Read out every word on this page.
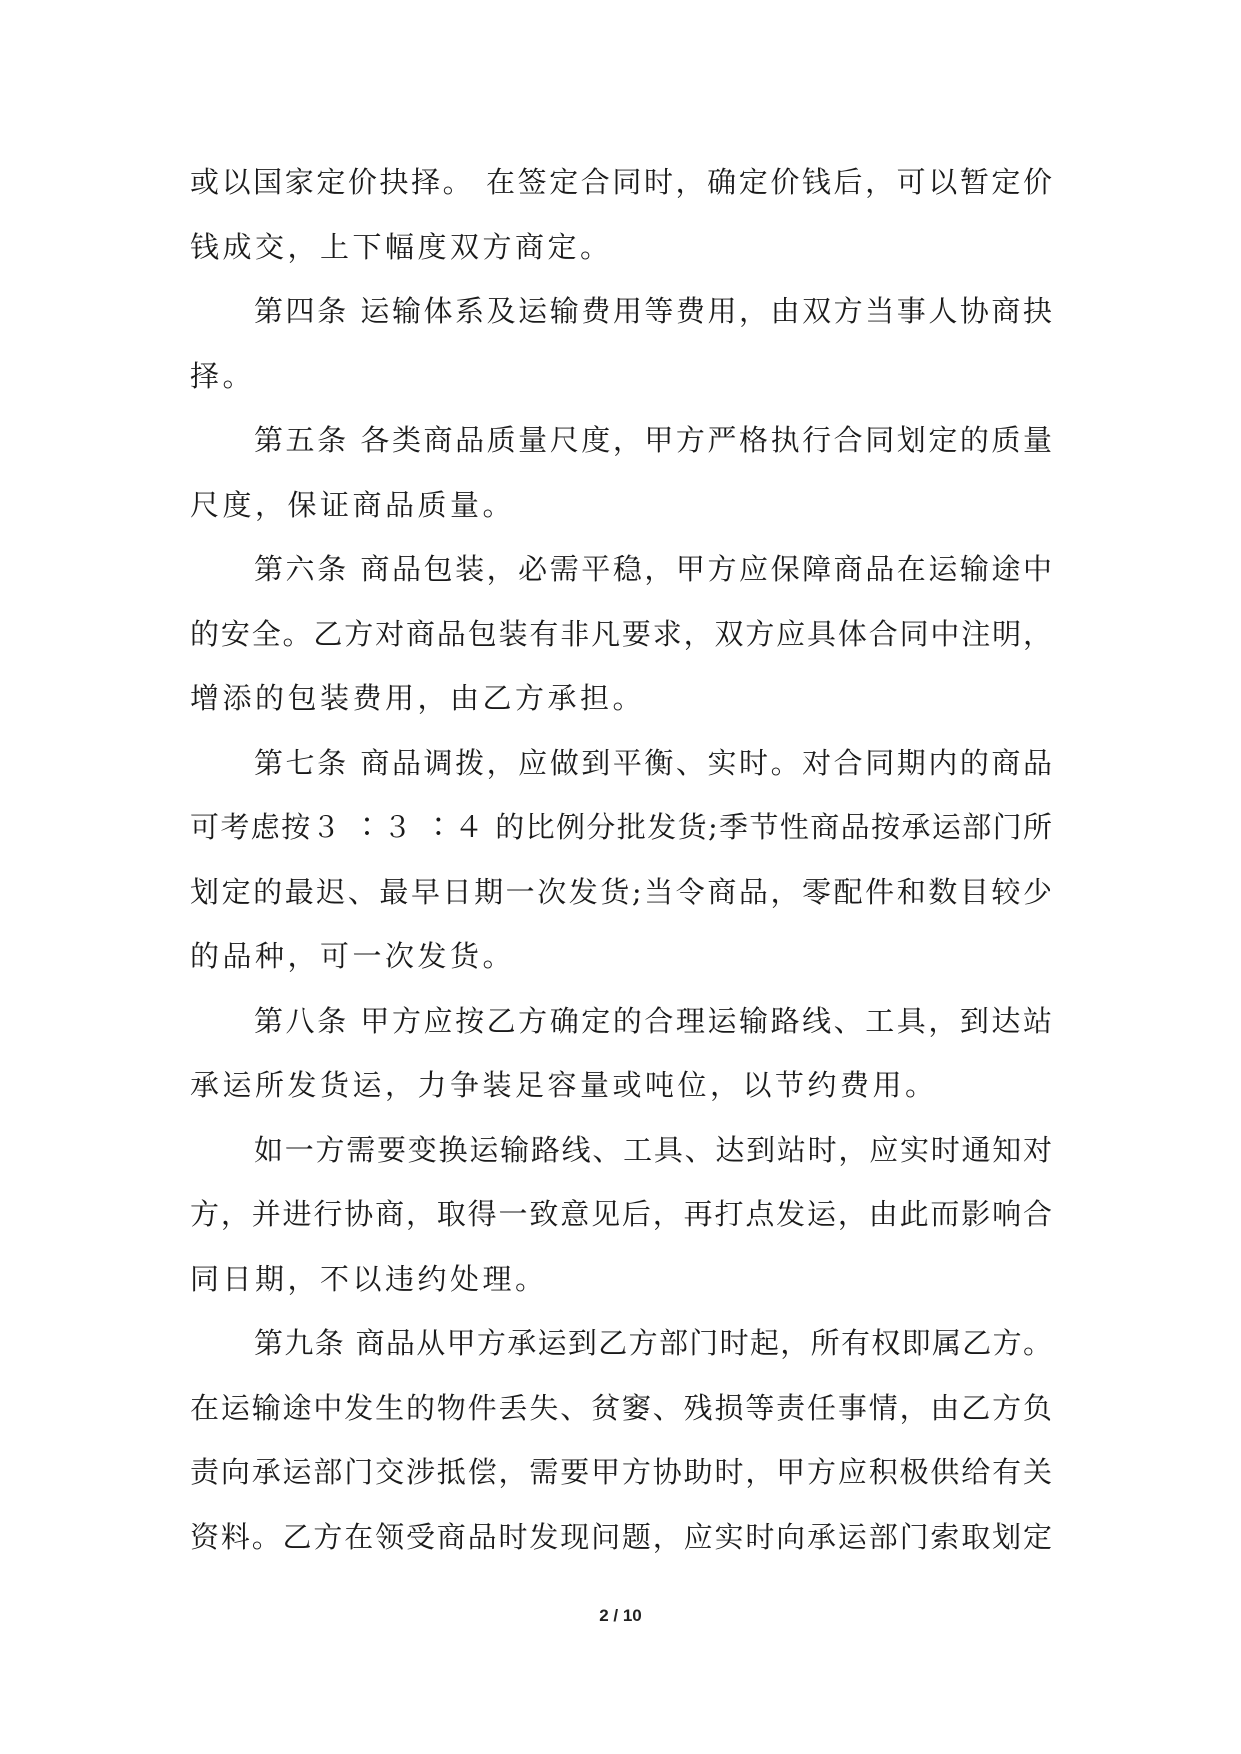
或以国家定价抉择。 在签定合同时，确定价钱后，可以暂定价
钱成交，上下幅度双方商定。
第四条 运输体系及运输费用等费用，由双方当事人协商抉
择。
第五条 各类商品质量尺度，甲方严格执行合同划定的质量
尺度，保证商品质量。
第六条 商品包装，必需平稳，甲方应保障商品在运输途中
的安全。乙方对商品包装有非凡要求，双方应具体合同中注明，
增添的包装费用，由乙方承担。
第七条 商品调拨，应做到平衡、实时。对合同期内的商品
可考虑按３ ∶３ ∶４ 的比例分批发货;季节性商品按承运部门所
划定的最迟、最早日期一次发货;当令商品，零配件和数目较少
的品种，可一次发货。
第八条 甲方应按乙方确定的合理运输路线、工具，到达站
承运所发货运，力争装足容量或吨位，以节约费用。
如一方需要变换运输路线、工具、达到站时，应实时通知对
方，并进行协商，取得一致意见后，再打点发运，由此而影响合
同日期，不以违约处理。
第九条 商品从甲方承运到乙方部门时起，所有权即属乙方。
在运输途中发生的物件丢失、贫窭、残损等责任事情，由乙方负
责向承运部门交涉抵偿，需要甲方协助时，甲方应积极供给有关
资料。乙方在领受商品时发现问题，应实时向承运部门索取划定
2 / 10
